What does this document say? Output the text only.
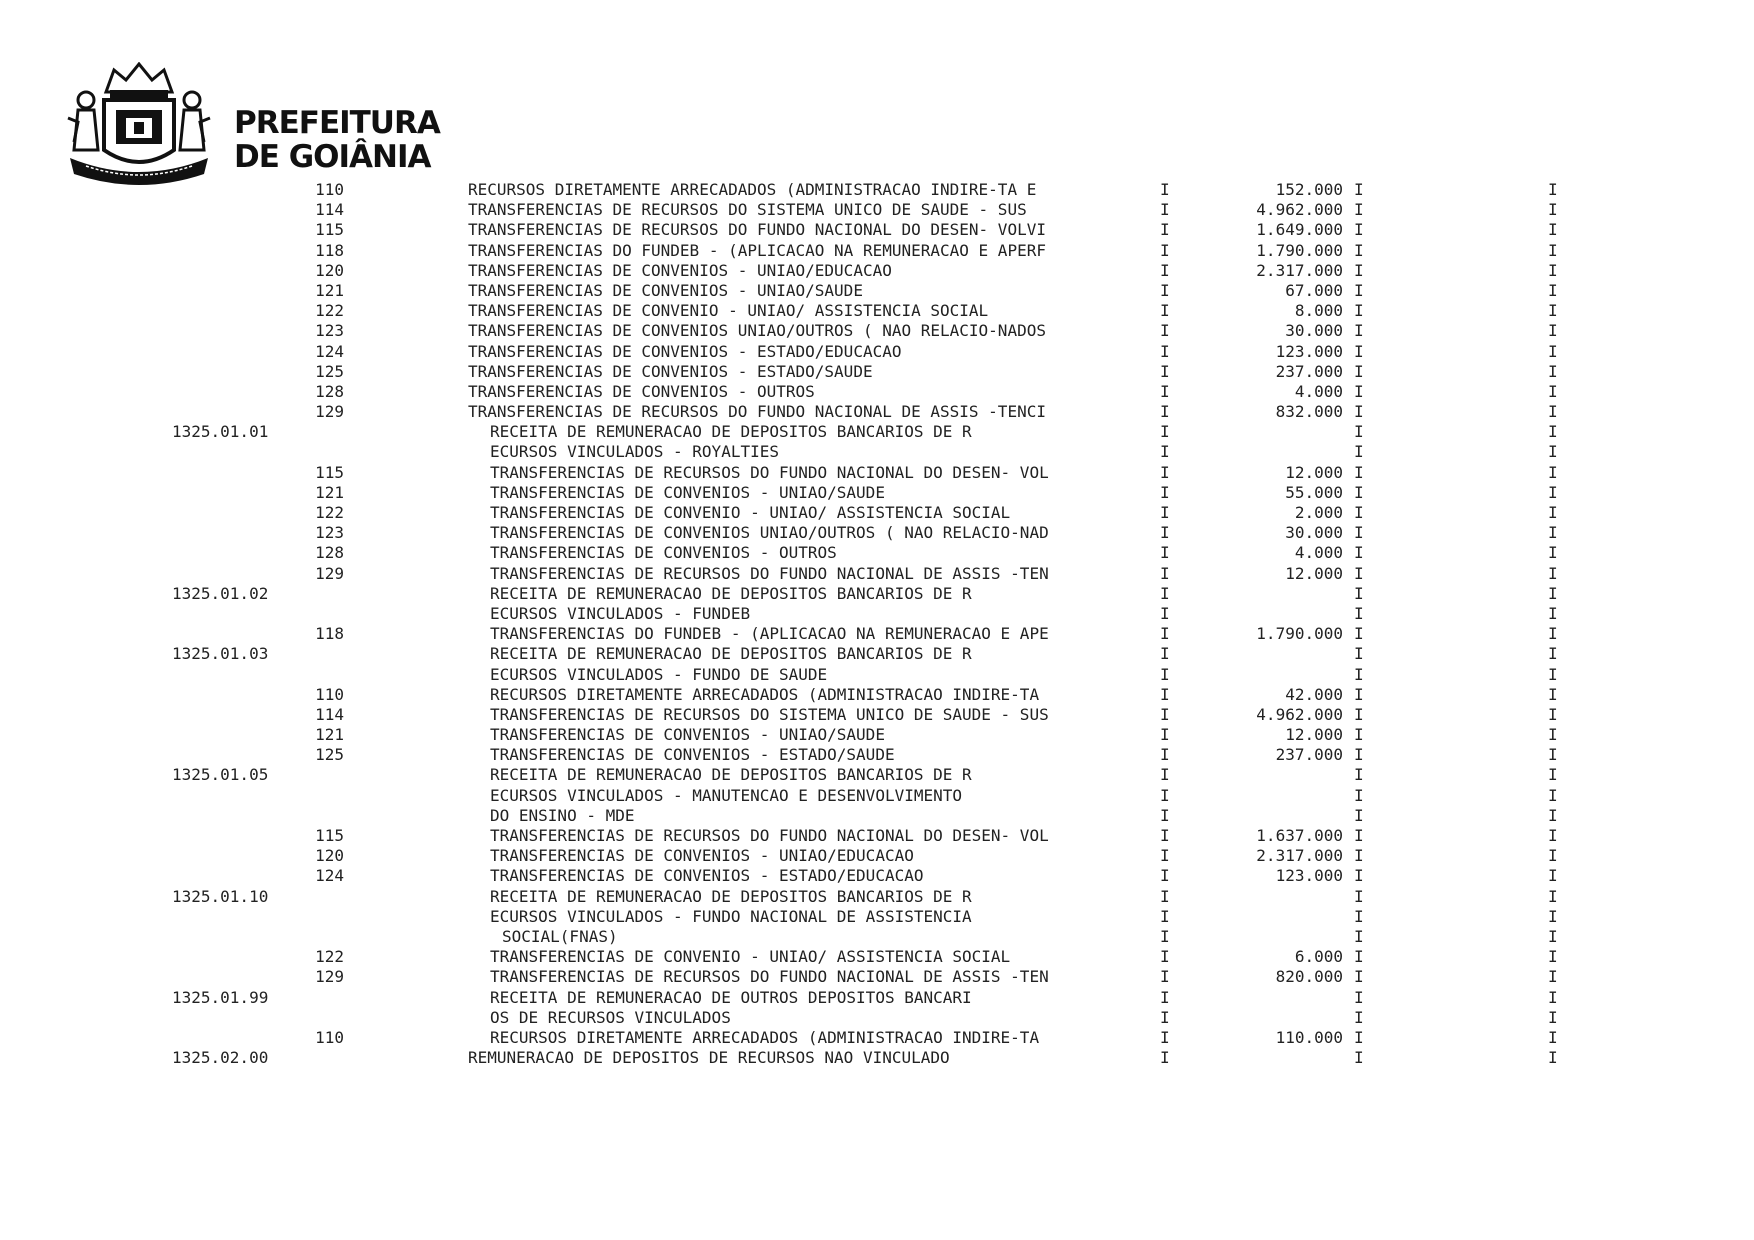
PREFEITURA
DE GOIÂNIA
110	RECURSOS DIRETAMENTE ARRECADADOS (ADMINISTRACAO INDIRE-TA E	I	152.000 I	I
114	TRANSFERENCIAS DE RECURSOS DO SISTEMA UNICO DE SAUDE - SUS	I	4.962.000 I	I
115	TRANSFERENCIAS DE RECURSOS DO FUNDO NACIONAL DO DESEN- VOLVI	I	1.649.000 I	I
118	TRANSFERENCIAS DO FUNDEB - (APLICACAO NA REMUNERACAO E APERF	I	1.790.000 I	I
120	TRANSFERENCIAS DE CONVENIOS - UNIAO/EDUCACAO	I	2.317.000 I	I
121	TRANSFERENCIAS DE CONVENIOS - UNIAO/SAUDE	I	67.000 I	I
122	TRANSFERENCIAS DE CONVENIO - UNIAO/ ASSISTENCIA SOCIAL	I	8.000 I	I
123	TRANSFERENCIAS DE CONVENIOS UNIAO/OUTROS ( NAO RELACIO-NADOS	I	30.000 I	I
124	TRANSFERENCIAS DE CONVENIOS - ESTADO/EDUCACAO	I	123.000 I	I
125	TRANSFERENCIAS DE CONVENIOS - ESTADO/SAUDE	I	237.000 I	I
128	TRANSFERENCIAS DE CONVENIOS - OUTROS	I	4.000 I	I
129	TRANSFERENCIAS DE RECURSOS DO FUNDO NACIONAL DE ASSIS -TENCI	I	832.000 I	I
1325.01.01	RECEITA DE REMUNERACAO DE DEPOSITOS BANCARIOS DE R	I	I	I
ECURSOS VINCULADOS - ROYALTIES	I	I	I
115	TRANSFERENCIAS DE RECURSOS DO FUNDO NACIONAL DO DESEN- VOL	I	12.000 I	I
121	TRANSFERENCIAS DE CONVENIOS - UNIAO/SAUDE	I	55.000 I	I
122	TRANSFERENCIAS DE CONVENIO - UNIAO/ ASSISTENCIA SOCIAL	I	2.000 I	I
123	TRANSFERENCIAS DE CONVENIOS UNIAO/OUTROS ( NAO RELACIO-NAD	I	30.000 I	I
128	TRANSFERENCIAS DE CONVENIOS - OUTROS	I	4.000 I	I
129	TRANSFERENCIAS DE RECURSOS DO FUNDO NACIONAL DE ASSIS -TEN	I	12.000 I	I
1325.01.02	RECEITA DE REMUNERACAO DE DEPOSITOS BANCARIOS DE R	I	I	I
ECURSOS VINCULADOS - FUNDEB	I	I	I
118	TRANSFERENCIAS DO FUNDEB - (APLICACAO NA REMUNERACAO E APE	I	1.790.000 I	I
1325.01.03	RECEITA DE REMUNERACAO DE DEPOSITOS BANCARIOS DE R	I	I	I
ECURSOS VINCULADOS - FUNDO DE SAUDE	I	I	I
110	RECURSOS DIRETAMENTE ARRECADADOS (ADMINISTRACAO INDIRE-TA	I	42.000 I	I
114	TRANSFERENCIAS DE RECURSOS DO SISTEMA UNICO DE SAUDE - SUS	I	4.962.000 I	I
121	TRANSFERENCIAS DE CONVENIOS - UNIAO/SAUDE	I	12.000 I	I
125	TRANSFERENCIAS DE CONVENIOS - ESTADO/SAUDE	I	237.000 I	I
1325.01.05	RECEITA DE REMUNERACAO DE DEPOSITOS BANCARIOS DE R	I	I	I
ECURSOS VINCULADOS - MANUTENCAO E DESENVOLVIMENTO	I	I	I
DO ENSINO - MDE	I	I	I
115	TRANSFERENCIAS DE RECURSOS DO FUNDO NACIONAL DO DESEN- VOL	I	1.637.000 I	I
120	TRANSFERENCIAS DE CONVENIOS - UNIAO/EDUCACAO	I	2.317.000 I	I
124	TRANSFERENCIAS DE CONVENIOS - ESTADO/EDUCACAO	I	123.000 I	I
1325.01.10	RECEITA DE REMUNERACAO DE DEPOSITOS BANCARIOS DE R	I	I	I
ECURSOS VINCULADOS - FUNDO NACIONAL DE ASSISTENCIA	I	I	I
SOCIAL(FNAS)	I	I	I
122	TRANSFERENCIAS DE CONVENIO - UNIAO/ ASSISTENCIA SOCIAL	I	6.000 I	I
129	TRANSFERENCIAS DE RECURSOS DO FUNDO NACIONAL DE ASSIS -TEN	I	820.000 I	I
1325.01.99	RECEITA DE REMUNERACAO DE OUTROS DEPOSITOS BANCARI	I	I	I
OS DE RECURSOS VINCULADOS	I	I	I
110	RECURSOS DIRETAMENTE ARRECADADOS (ADMINISTRACAO INDIRE-TA	I	110.000 I	I
1325.02.00	REMUNERACAO DE DEPOSITOS DE RECURSOS NAO VINCULADO	I	I	I
